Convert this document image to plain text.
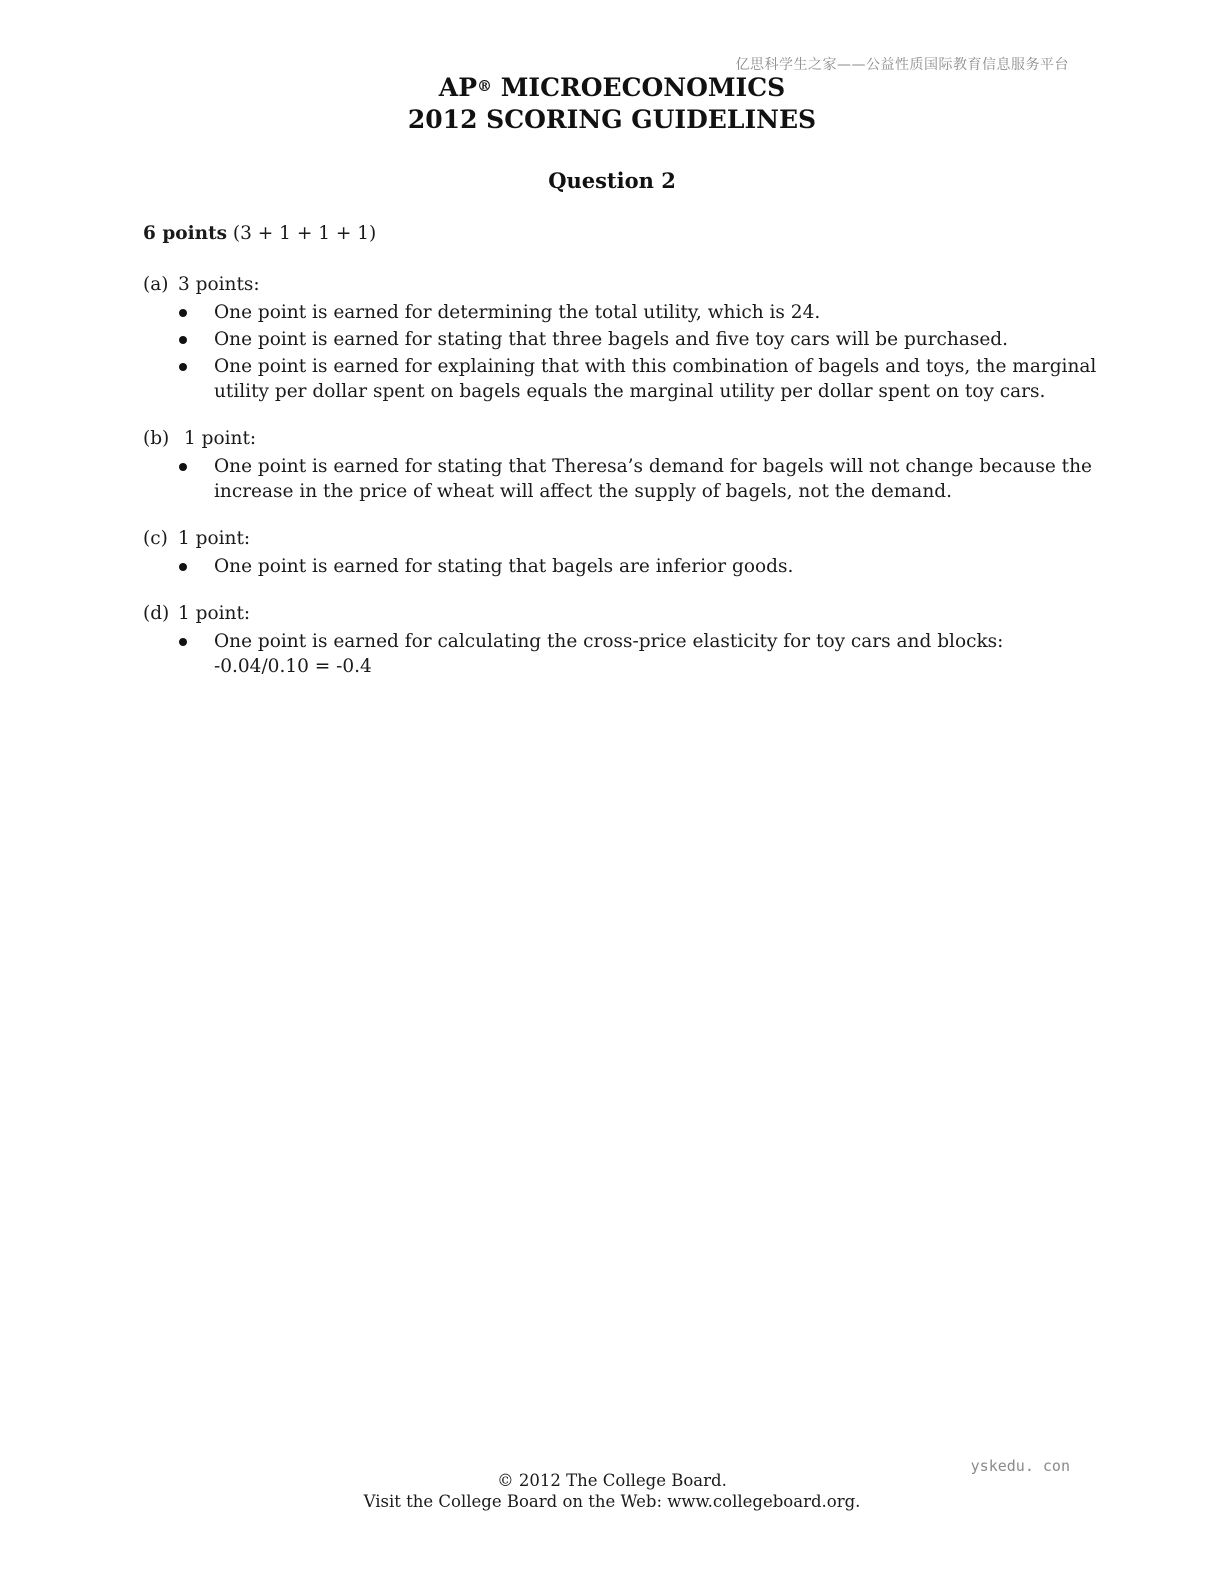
亿思科学生之家——公益性质国际教育信息服务平台
AP® MICROECONOMICS
2012 SCORING GUIDELINES
Question 2
6 points (3 + 1 + 1 + 1)
(a) 3 points:
One point is earned for determining the total utility, which is 24.
One point is earned for stating that three bagels and five toy cars will be purchased.
One point is earned for explaining that with this combination of bagels and toys, the marginal utility per dollar spent on bagels equals the marginal utility per dollar spent on toy cars.
(b) 1 point:
One point is earned for stating that Theresa’s demand for bagels will not change because the increase in the price of wheat will affect the supply of bagels, not the demand.
(c) 1 point:
One point is earned for stating that bagels are inferior goods.
(d) 1 point:
One point is earned for calculating the cross-price elasticity for toy cars and blocks:
-0.04/0.10 = -0.4
yskedu. con
© 2012 The College Board.
Visit the College Board on the Web: www.collegeboard.org.
